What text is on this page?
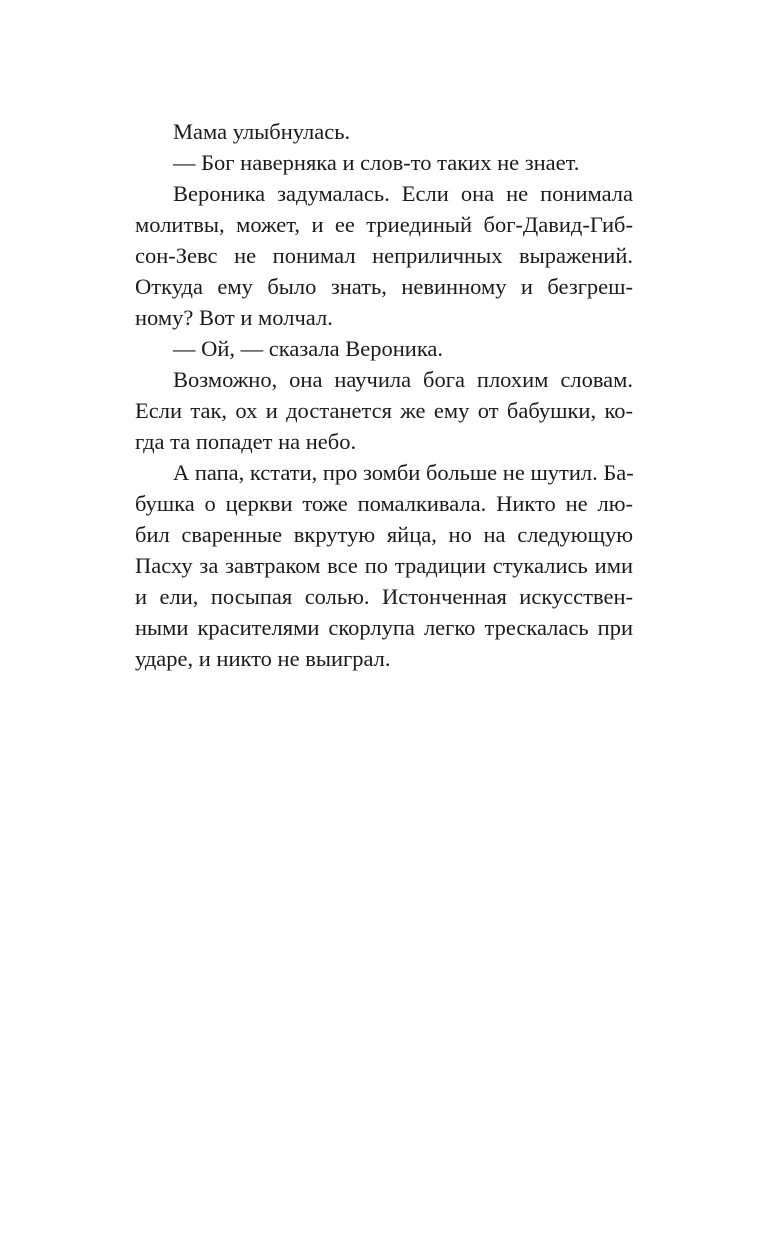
Мама улыбнулась.
— Бог наверняка и слов-то таких не знает.
Вероника задумалась. Если она не понимала
молитвы, может, и ее триединый бог-Давид-Гиб-
сон-Зевс не понимал неприличных выражений.
Откуда ему было знать, невинному и безгреш-
ному? Вот и молчал.
— Ой, — сказала Вероника.
Возможно, она научила бога плохим словам.
Если так, ох и достанется же ему от бабушки, ко-
гда та попадет на небо.
А папа, кстати, про зомби больше не шутил. Ба-
бушка о церкви тоже помалкивала. Никто не лю-
бил сваренные вкрутую яйца, но на следующую
Пасху за завтраком все по традиции стукались ими
и ели, посыпая солью. Истонченная искусствен-
ными красителями скорлупа легко трескалась при
ударе, и никто не выиграл.
